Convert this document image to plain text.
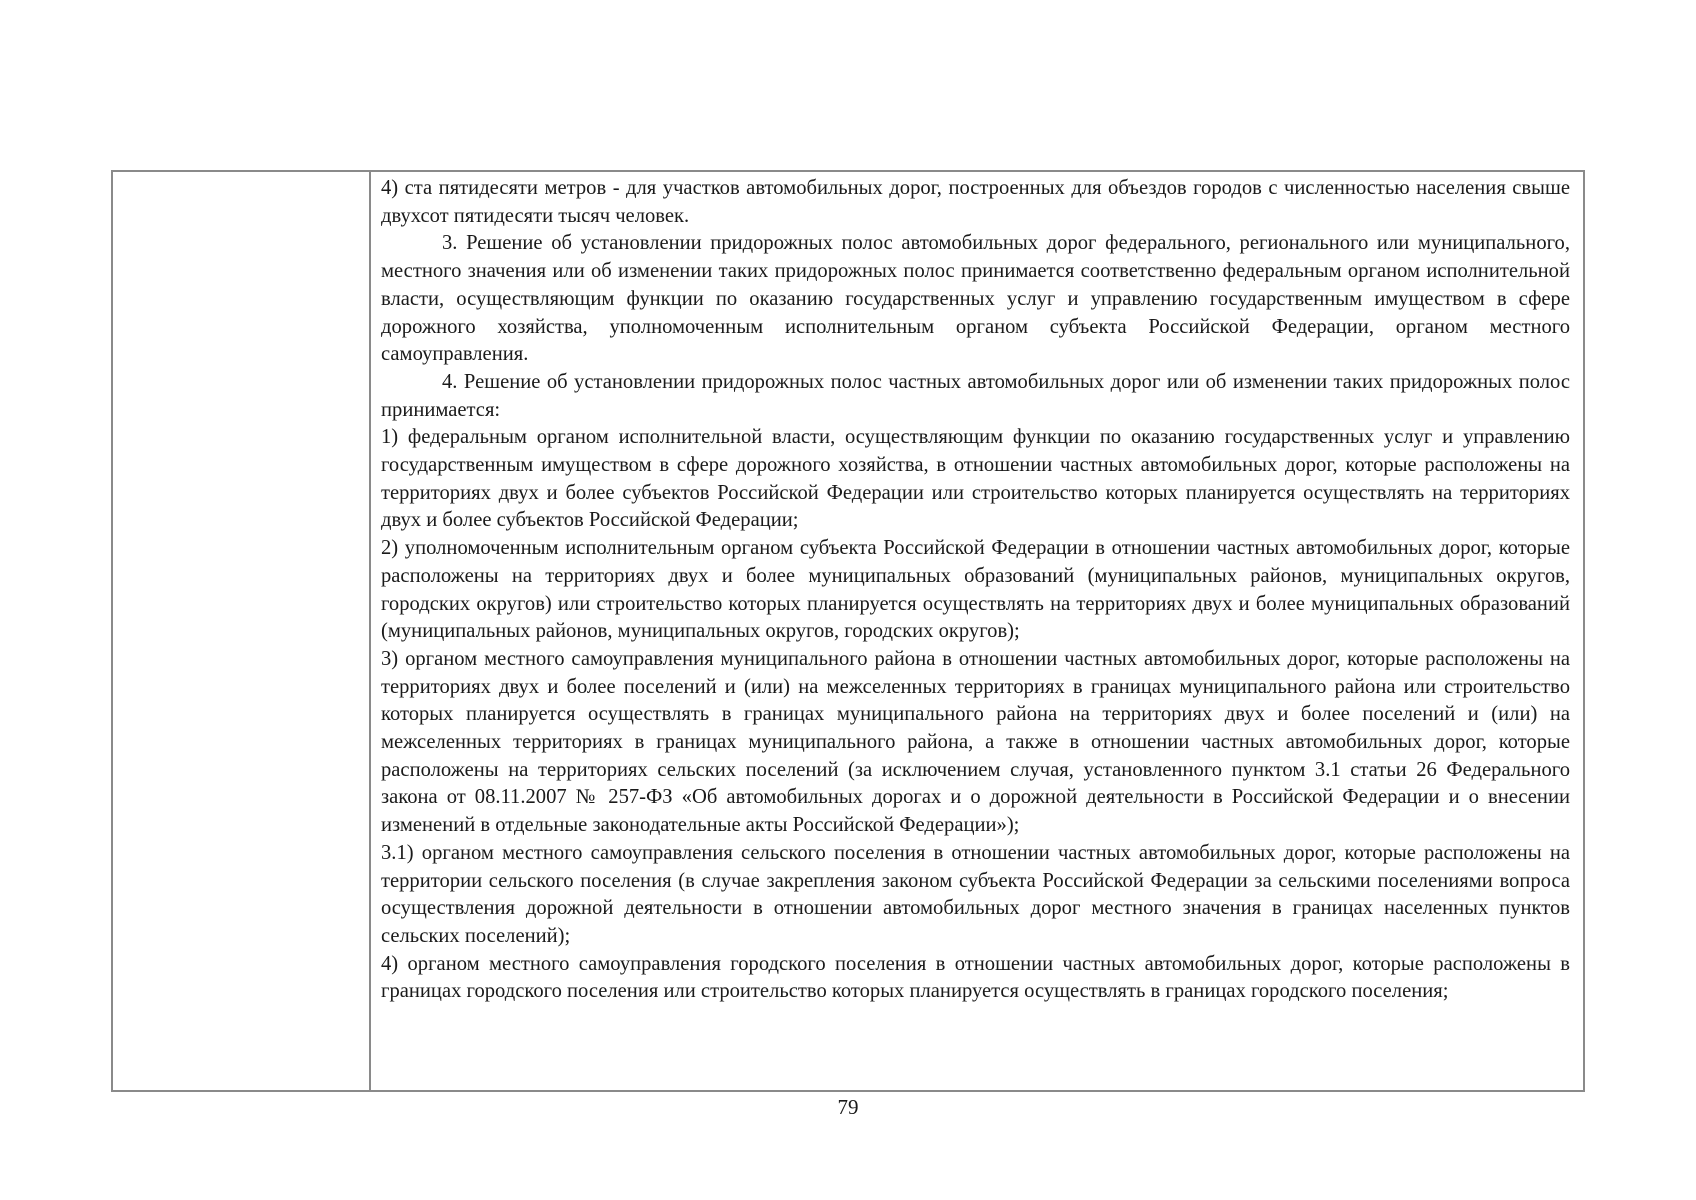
4) ста пятидесяти метров - для участков автомобильных дорог, построенных для объездов городов с численностью населения свыше двухсот пятидесяти тысяч человек.

3. Решение об установлении придорожных полос автомобильных дорог федерального, регионального или муниципального, местного значения или об изменении таких придорожных полос принимается соответственно федеральным органом исполнительной власти, осуществляющим функции по оказанию государственных услуг и управлению государственным имуществом в сфере дорожного хозяйства, уполномоченным исполнительным органом субъекта Российской Федерации, органом местного самоуправления.

4. Решение об установлении придорожных полос частных автомобильных дорог или об изменении таких придорожных полос принимается:

1) федеральным органом исполнительной власти, осуществляющим функции по оказанию государственных услуг и управлению государственным имуществом в сфере дорожного хозяйства, в отношении частных автомобильных дорог, которые расположены на территориях двух и более субъектов Российской Федерации или строительство которых планируется осуществлять на территориях двух и более субъектов Российской Федерации;

2) уполномоченным исполнительным органом субъекта Российской Федерации в отношении частных автомобильных дорог, которые расположены на территориях двух и более муниципальных образований (муниципальных районов, муниципальных округов, городских округов) или строительство которых планируется осуществлять на территориях двух и более муниципальных образований (муниципальных районов, муниципальных округов, городских округов);

3) органом местного самоуправления муниципального района в отношении частных автомобильных дорог, которые расположены на территориях двух и более поселений и (или) на межселенных территориях в границах муниципального района или строительство которых планируется осуществлять в границах муниципального района на территориях двух и более поселений и (или) на межселенных территориях в границах муниципального района, а также в отношении частных автомобильных дорог, которые расположены на территориях сельских поселений (за исключением случая, установленного пунктом 3.1 статьи 26 Федерального закона от 08.11.2007 № 257-ФЗ «Об автомобильных дорогах и о дорожной деятельности в Российской Федерации и о внесении изменений в отдельные законодательные акты Российской Федерации»);

3.1) органом местного самоуправления сельского поселения в отношении частных автомобильных дорог, которые расположены на территории сельского поселения (в случае закрепления законом субъекта Российской Федерации за сельскими поселениями вопроса осуществления дорожной деятельности в отношении автомобильных дорог местного значения в границах населенных пунктов сельских поселений);

4) органом местного самоуправления городского поселения в отношении частных автомобильных дорог, которые расположены в границах городского поселения или строительство которых планируется осуществлять в границах городского поселения;

79
